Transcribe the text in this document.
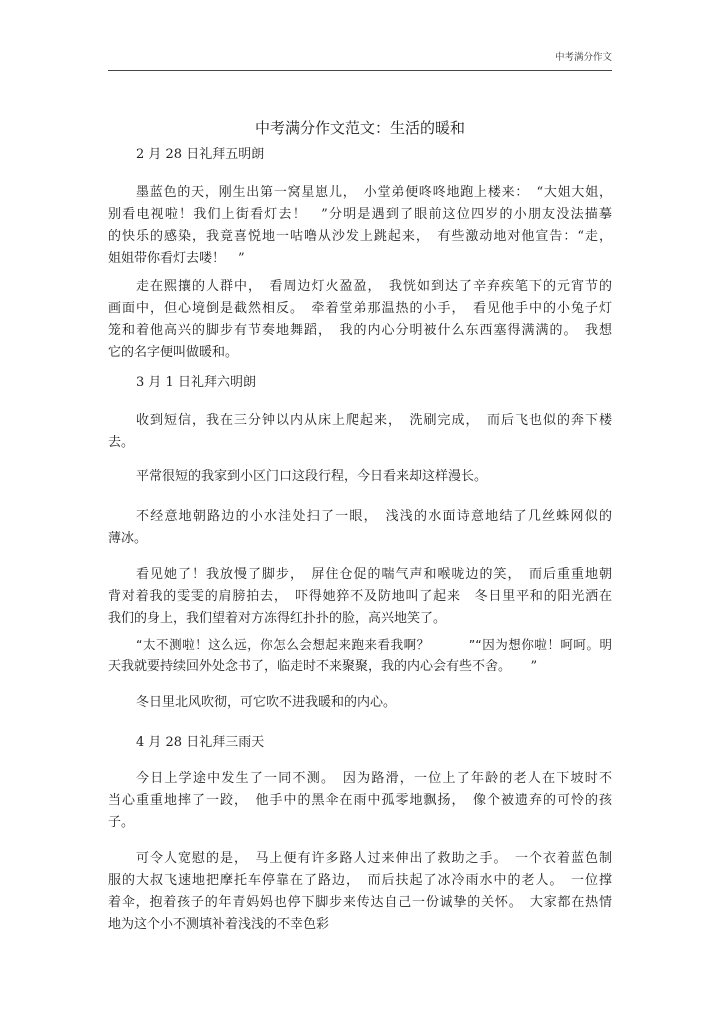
中考满分作文
中考满分作文范文：生活的暖和
2 月 28 日礼拜五明朗
墨蓝色的天，刚生出第一窝星崽儿，　小堂弟便咚咚地跑上楼来：　“大姐大姐，
别看电视啦！我们上街看灯去！　”分明是遇到了眼前这位四岁的小朋友没法描摹
的快乐的感染，我竟喜悦地一咕噜从沙发上跳起来，　有些激动地对他宣告：“走，
姐姐带你看灯去喽！　”
走在熙攘的人群中，　看周边灯火盈盈，　我恍如到达了辛弃疾笔下的元宵节的
画面中，但心境倒是截然相反。　牵着堂弟那温热的小手，　看见他手中的小兔子灯
笼和着他高兴的脚步有节奏地舞蹈，　我的内心分明被什么东西塞得满满的。　我想
它的名字便叫做暖和。
3 月 1 日礼拜六明朗
收到短信，我在三分钟以内从床上爬起来，　洗刷完成，　而后飞也似的奔下楼
去。
平常很短的我家到小区门口这段行程，今日看来却这样漫长。
不经意地朝路边的小水洼处扫了一眼，　浅浅的水面诗意地结了几丝蛛网似的
薄冰。
看见她了！我放慢了脚步，　屏住仓促的喘气声和喉咙边的笑，　而后重重地朝
背对着我的雯雯的肩膀拍去，　吓得她猝不及防地叫了起来　冬日里平和的阳光洒在
我们的身上，我们望着对方冻得红扑扑的脸，高兴地笑了。
“太不测啦！这么远，你怎么会想起来跑来看我啊？　　　”“因为想你啦！呵呵。明
天我就要持续回外处念书了，临走时不来聚聚，我的内心会有些不舍。　　”
冬日里北风吹彻，可它吹不进我暖和的内心。
4 月 28 日礼拜三雨天
今日上学途中发生了一同不测。　因为路滑，一位上了年龄的老人在下坡时不
当心重重地摔了一跤，　他手中的黑伞在雨中孤零地飘扬，　像个被遗弃的可怜的孩
子。
可令人宽慰的是，　马上便有许多路人过来伸出了救助之手。　一个衣着蓝色制
服的大叔飞速地把摩托车停靠在了路边，　而后扶起了冰冷雨水中的老人。　一位撑
着伞，抱着孩子的年青妈妈也停下脚步来传达自己一份诚挚的关怀。　大家都在热情
地为这个小不测填补着浅浅的不幸色彩
